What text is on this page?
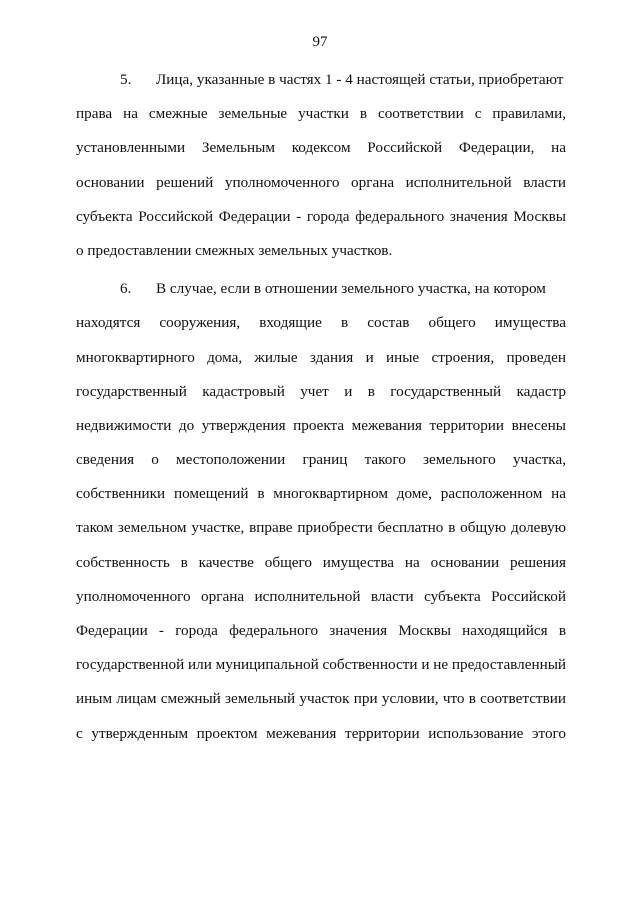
97
5. Лица, указанные в частях 1 - 4 настоящей статьи, приобретают
права на смежные земельные участки в соответствии с правилами,
установленными Земельным кодексом Российской Федерации, на
основании решений уполномоченного органа исполнительной власти
субъекта Российской Федерации - города федерального значения Москвы
о предоставлении смежных земельных участков.
6. В случае, если в отношении земельного участка, на котором
находятся сооружения, входящие в состав общего имущества
многоквартирного дома, жилые здания и иные строения, проведен
государственный кадастровый учет и в государственный кадастр
недвижимости до утверждения проекта межевания территории внесены
сведения о местоположении границ такого земельного участка,
собственники помещений в многоквартирном доме, расположенном на
таком земельном участке, вправе приобрести бесплатно в общую долевую
собственность в качестве общего имущества на основании решения
уполномоченного органа исполнительной власти субъекта Российской
Федерации - города федерального значения Москвы находящийся в
государственной или муниципальной собственности и не предоставленный
иным лицам смежный земельный участок при условии, что в соответствии
с утвержденным проектом межевания территории использование этого
